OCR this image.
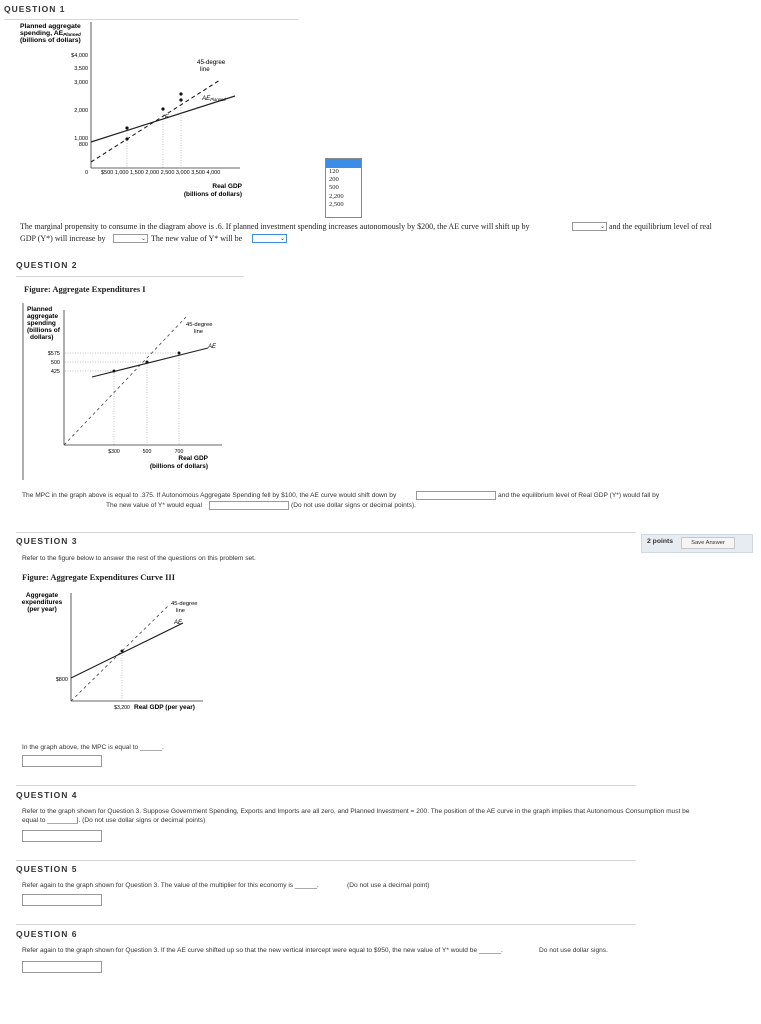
QUESTION 1
Planned aggregate
spending, AEPlanned
(billions of dollars)
$4,000
3,500
3,000
2,000
1,000
800
0 $500 1,000 1,500 2,000 2,500 3,000 3,500 4,000
Real GDP
(billions of dollars)
E
45-degree
line
AEPlanned
120
200
500
2,200
2,500
The marginal propensity to consume in the diagram above is .6. If planned investment spending increases autonomously by $200, the AE curve will shift up by	⌄ and the equilibrium level of real
GDP (Y*) will increase by	⌄ The new value of Y* will be	⌄
QUESTION 2
Figure: Aggregate Expenditures I
Planned
aggregate
spending
(billions of
dollars)
$575
500
425
45-degree
line
AE
$300	500	700
Real GDP
(billions of dollars)
The MPC in the graph above is equal to .375. If Autonomous Aggregate Spending fell by $100, the AE curve would shift down by	and the equilibrium level of Real GDP (Y*) would fall by
The new value of Y* would equal	(Do not use dollar signs or decimal points).
QUESTION 3	2 points	Save Answer
Refer to the figure below to answer the rest of the questions on this problem set.
Figure: Aggregate Expenditures Curve III
Aggregate
expenditures
(per year)
$800
45-degree
line
AE
$3,200 Real GDP (per year)
In the graph above, the MPC is equal to ______.
QUESTION 4
Refer to the graph shown for Question 3. Suppose Government Spending, Exports and Imports are all zero, and Planned Investment = 200. The position of the AE curve in the graph implies that Autonomous Consumption must be
equal to ________]. (Do not use dollar signs or decimal points)
QUESTION 5
Refer again to the graph shown for Question 3. The value of the multiplier for this economy is ______.	(Do not use a decimal point)
QUESTION 6
Refer again to the graph shown for Question 3. If the AE curve shifted up so that the new vertical intercept were equal to $950, the new value of Y* would be ______.	Do not use dollar signs.
